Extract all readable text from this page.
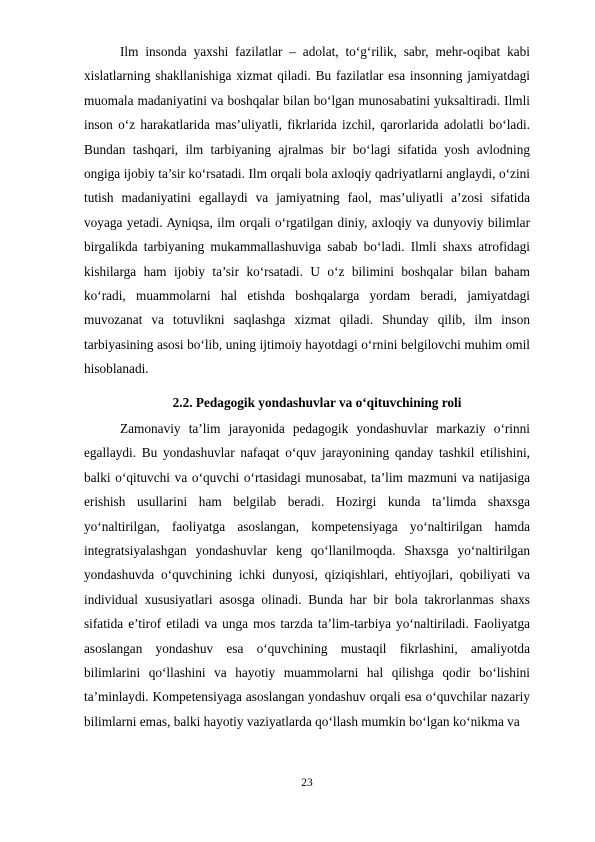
Ilm insonda yaxshi fazilatlar – adolat, to‘g‘rilik, sabr, mehr-oqibat kabi xislatlarning shakllanishiga xizmat qiladi. Bu fazilatlar esa insonning jamiyatdagi muomala madaniyatini va boshqalar bilan bo‘lgan munosabatini yuksaltiradi. Ilmli inson o‘z harakatlarida mas’uliyatli, fikrlarida izchil, qarorlarida adolatli bo‘ladi. Bundan tashqari, ilm tarbiyaning ajralmas bir bo‘lagi sifatida yosh avlodning ongiga ijobiy ta’sir ko‘rsatadi. Ilm orqali bola axloqiy qadriyatlarni anglaydi, o‘zini tutish madaniyatini egallaydi va jamiyatning faol, mas’uliyatli a’zosi sifatida voyaga yetadi. Ayniqsa, ilm orqali o‘rgatilgan diniy, axloqiy va dunyoviy bilimlar birgalikda tarbiyaning mukammallashuviga sabab bo‘ladi. Ilmli shaxs atrofidagi kishilarga ham ijobiy ta’sir ko‘rsatadi. U o‘z bilimini boshqalar bilan baham ko‘radi, muammolarni hal etishda boshqalarga yordam beradi, jamiyatdagi muvozanat va totuvlikni saqlashga xizmat qiladi. Shunday qilib, ilm inson tarbiyasining asosi bo‘lib, uning ijtimoiy hayotdagi o‘rnini belgilovchi muhim omil hisoblanadi.

2.2. Pedagogik yondashuvlar va o‘qituvchining roli

Zamonaviy ta’lim jarayonida pedagogik yondashuvlar markaziy o‘rinni egallaydi. Bu yondashuvlar nafaqat o‘quv jarayonining qanday tashkil etilishini, balki o‘qituvchi va o‘quvchi o‘rtasidagi munosabat, ta’lim mazmuni va natijasiga erishish usullarini ham belgilab beradi. Hozirgi kunda ta’limda shaxsga yo‘naltirilgan, faoliyatga asoslangan, kompetensiyaga yo‘naltirilgan hamda integratsiyalashgan yondashuvlar keng qo‘llanilmoqda. Shaxsga yo‘naltirilgan yondashuvda o‘quvchining ichki dunyosi, qiziqishlari, ehtiyojlari, qobiliyati va individual xususiyatlari asosga olinadi. Bunda har bir bola takrorlanmas shaxs sifatida e’tirof etiladi va unga mos tarzda ta’lim-tarbiya yo‘naltiriladi. Faoliyatga asoslangan yondashuv esa o‘quvchining mustaqil fikrlashini, amaliyotda bilimlarini qo‘llashini va hayotiy muammolarni hal qilishga qodir bo‘lishini ta’minlaydi. Kompetensiyaga asoslangan yondashuv orqali esa o‘quvchilar nazariy bilimlarni emas, balki hayotiy vaziyatlarda qo‘llash mumkin bo‘lgan ko‘nikma va

23
